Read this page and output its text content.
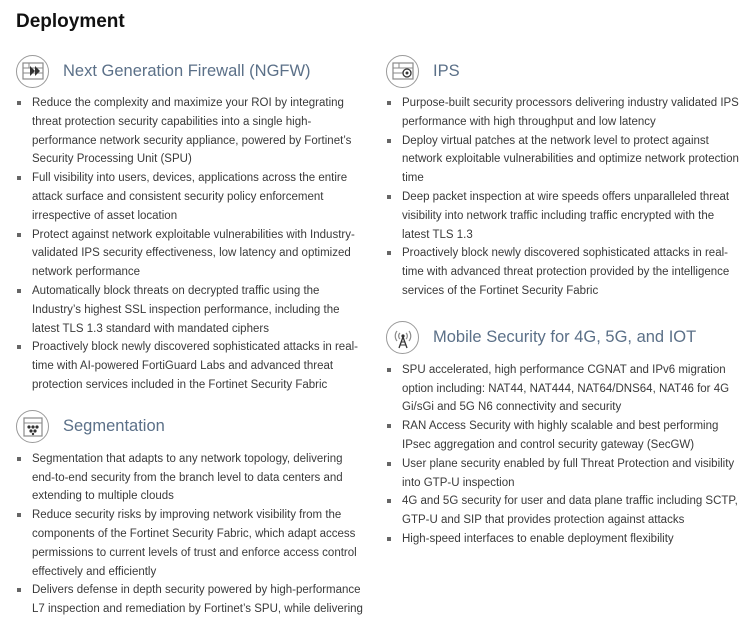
Deployment
Next Generation Firewall (NGFW)
Reduce the complexity and maximize your ROI by integrating threat protection security capabilities into a single high-performance network security appliance, powered by Fortinet’s Security Processing Unit (SPU)
Full visibility into users, devices, applications across the entire attack surface and consistent security policy enforcement irrespective of asset location
Protect against network exploitable vulnerabilities with Industry-validated IPS security effectiveness, low latency and optimized network performance
Automatically block threats on decrypted traffic using the Industry’s highest SSL inspection performance, including the latest TLS 1.3 standard with mandated ciphers
Proactively block newly discovered sophisticated attacks in real-time with AI-powered FortiGuard Labs and advanced threat protection services included in the Fortinet Security Fabric
Segmentation
Segmentation that adapts to any network topology, delivering end-to-end security from the branch level to data centers and extending to multiple clouds
Reduce security risks by improving network visibility from the components of the Fortinet Security Fabric, which adapt access permissions to current levels of trust and enforce access control effectively and efficiently
Delivers defense in depth security powered by high-performance L7 inspection and remediation by Fortinet’s SPU, while delivering
IPS
Purpose-built security processors delivering industry validated IPS performance with high throughput and low latency
Deploy virtual patches at the network level to protect against network exploitable vulnerabilities and optimize network protection time
Deep packet inspection at wire speeds offers unparalleled threat visibility into network traffic including traffic encrypted with the latest TLS 1.3
Proactively block newly discovered sophisticated attacks in real-time with advanced threat protection provided by the intelligence services of the Fortinet Security Fabric
Mobile Security for 4G, 5G, and IOT
SPU accelerated, high performance CGNAT and IPv6 migration option including: NAT44, NAT444, NAT64/DNS64, NAT46 for 4G Gi/sGi and 5G N6 connectivity and security
RAN Access Security with highly scalable and best performing IPsec aggregation and control security gateway (SecGW)
User plane security enabled by full Threat Protection and visibility into GTP-U inspection
4G and 5G security for user and data plane traffic including SCTP, GTP-U and SIP that provides protection against attacks
High-speed interfaces to enable deployment flexibility
